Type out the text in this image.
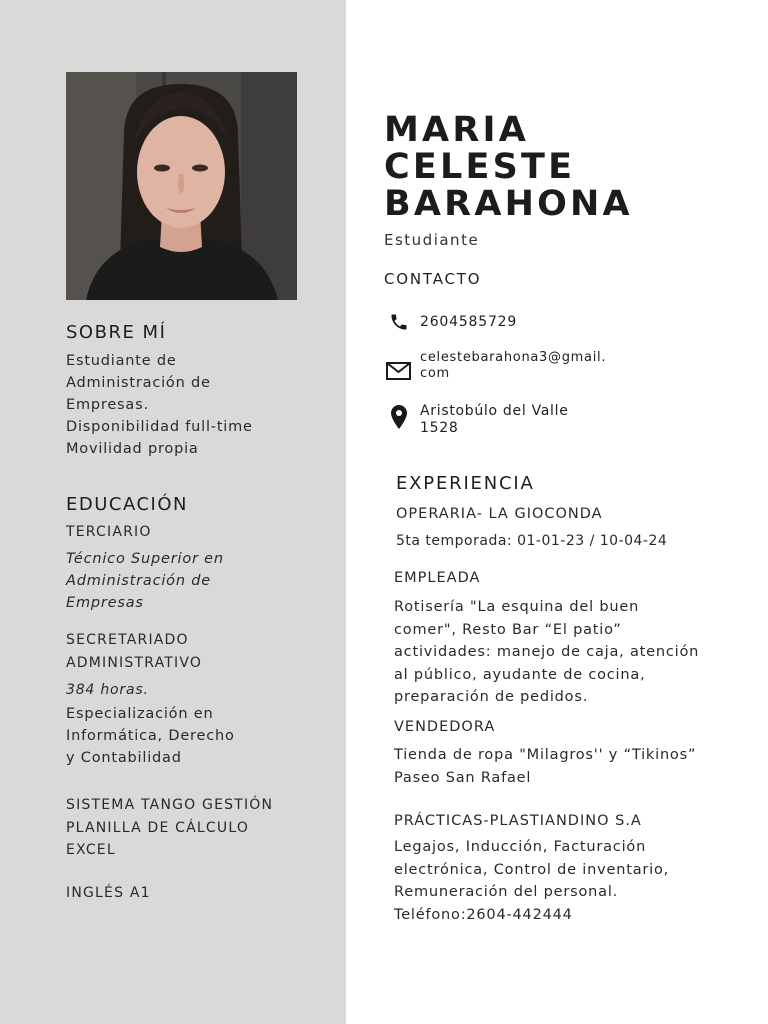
SOBRE MÍ
Estudiante de
Administración de
Empresas.
Disponibilidad full-time
Movilidad propia
EDUCACIÓN
TERCIARIO
Técnico Superior en
Administración de
Empresas
SECRETARIADO
ADMINISTRATIVO
384 horas.
Especialización en
Informática, Derecho
y Contabilidad
SISTEMA TANGO GESTIÓN
PLANILLA DE CÁLCULO
EXCEL
INGLÉS A1
MARIA
CELESTE
BARAHONA
Estudiante
CONTACTO
2604585729
celestebarahona3@gmail.
com
Aristobúlo del Valle
1528
EXPERIENCIA
OPERARIA- LA GIOCONDA
5ta temporada: 01-01-23 / 10-04-24
EMPLEADA
Rotisería "La esquina del buen
comer", Resto Bar “El patio”
actividades: manejo de caja, atención
al público, ayudante de cocina,
preparación de pedidos.
VENDEDORA
Tienda de ropa "Milagros'' y “Tikinos”
Paseo San Rafael
PRÁCTICAS-PLASTIANDINO S.A
Legajos, Inducción, Facturación
electrónica, Control de inventario,
Remuneración del personal.
Teléfono:2604-442444
